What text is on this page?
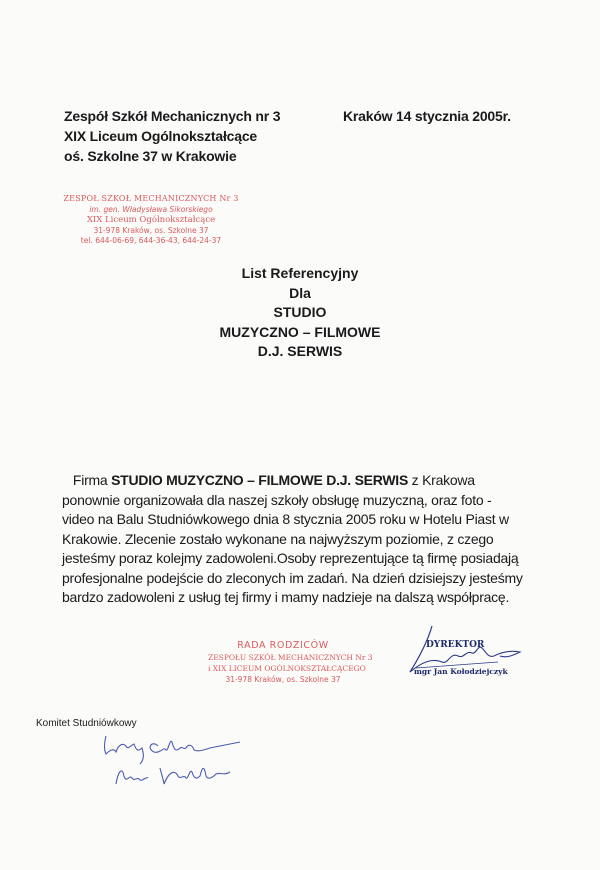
Zespół Szkół Mechanicznych nr 3
XIX Liceum Ogólnokształcące
oś. Szkolne 37 w Krakowie
Kraków 14 stycznia 2005r.
ZESPÓŁ SZKÓŁ MECHANICZNYCH Nr 3
im. gen. Władysława Sikorskiego
XIX Liceum Ogólnokształcące
31-978 Kraków, os. Szkolne 37
tel. 644-06-69, 644-36-43, 644-24-37
List Referencyjny
Dla
STUDIO
MUZYCZNO – FILMOWE
D.J. SERWIS
Firma STUDIO MUZYCZNO – FILMOWE D.J. SERWIS z Krakowa
ponownie organizowała dla naszej szkoły obsługę muzyczną, oraz foto -
video na Balu Studniówkowego dnia 8 stycznia 2005 roku w Hotelu Piast w
Krakowie. Zlecenie zostało wykonane na najwyższym poziomie, z czego
jesteśmy poraz kolejmy zadowoleni.Osoby reprezentujące tą firmę posiadają
profesjonalne podejście do zleconych im zadań. Na dzień dzisiejszy jesteśmy
bardzo zadowoleni z usług tej firmy i mamy nadzieje na dalszą współpracę.
RADA RODZICÓW
ZESPOŁU SZKÓŁ MECHANICZNYCH Nr 3
i XIX LICEUM OGÓLNOKSZTAŁCĄCEGO
31-978 Kraków, os. Szkolne 37
DYREKTOR
mgr Jan Kołodziejczyk
Komitet Studniówkowy
